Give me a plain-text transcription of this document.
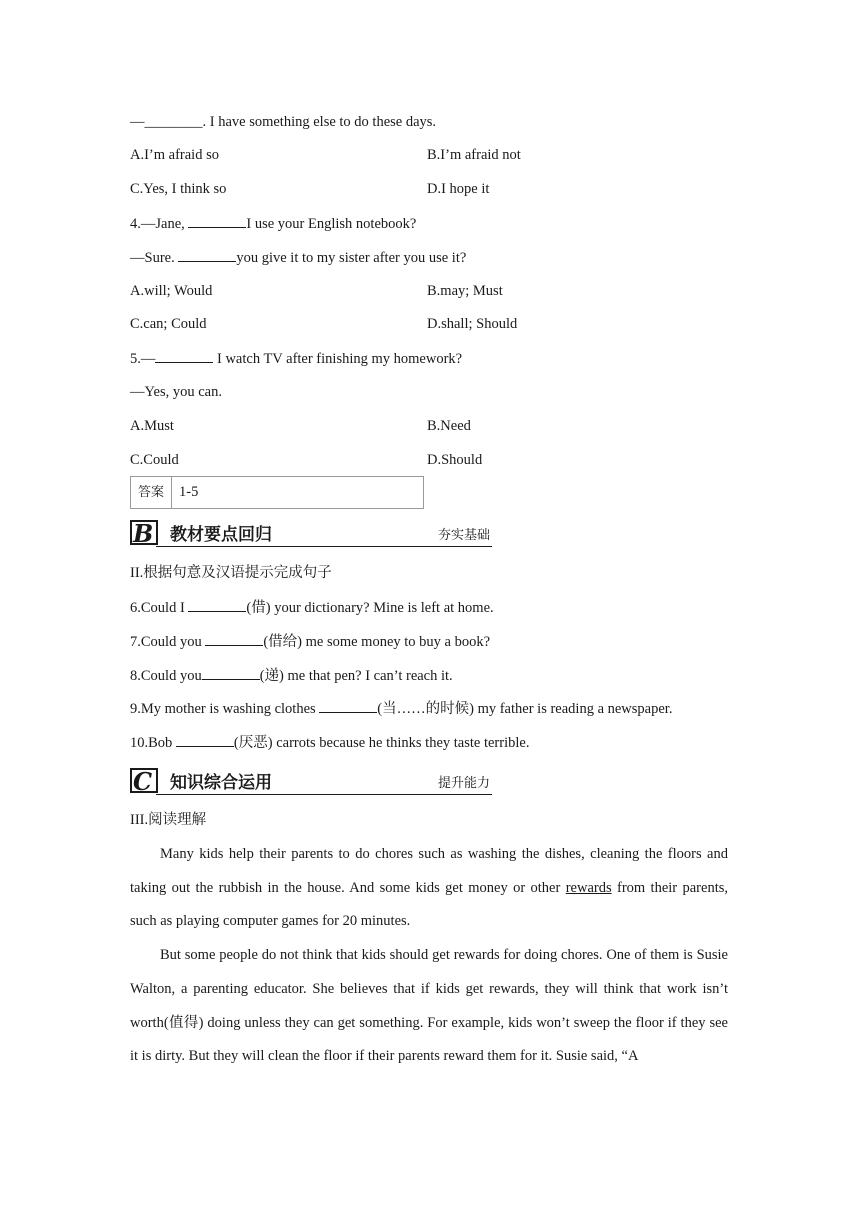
—________. I have something else to do these days.
A.I’m afraid so	B.I’m afraid not
C.Yes, I think so	D.I hope it
4.—Jane,	I use your English notebook?
—Sure.	you give it to my sister after you use it?
A.will; Would	B.may; Must
C.can; Could	D.shall; Should
5.—	I watch TV after finishing my homework?
—Yes, you can.
A.Must	B.Need
C.Could	D.Should
答案	1-5
B 教材要点回归	夯实基础
II.根据句意及汉语提示完成句子
6.Could I	(借) your dictionary? Mine is left at home.
7.Could you	(借给) me some money to buy a book?
8.Could you	(递) me that pen? I can’t reach it.
9.My mother is washing clothes	(当……的时候) my father is reading a newspaper.
10.Bob	(厌恶) carrots because he thinks they taste terrible.
C 知识综合运用	提升能力
III.阅读理解

Many kids help their parents to do chores such as washing the dishes, cleaning the floors and taking out the rubbish in the house. And some kids get money or other rewards from their parents, such as playing computer games for 20 minutes.

But some people do not think that kids should get rewards for doing chores. One of them is Susie Walton, a parenting educator. She believes that if kids get rewards, they will think that work isn’t worth(值得) doing unless they can get something. For example, kids won’t sweep the floor if they see it is dirty. But they will clean the floor if their parents reward them for it. Susie said, “A
